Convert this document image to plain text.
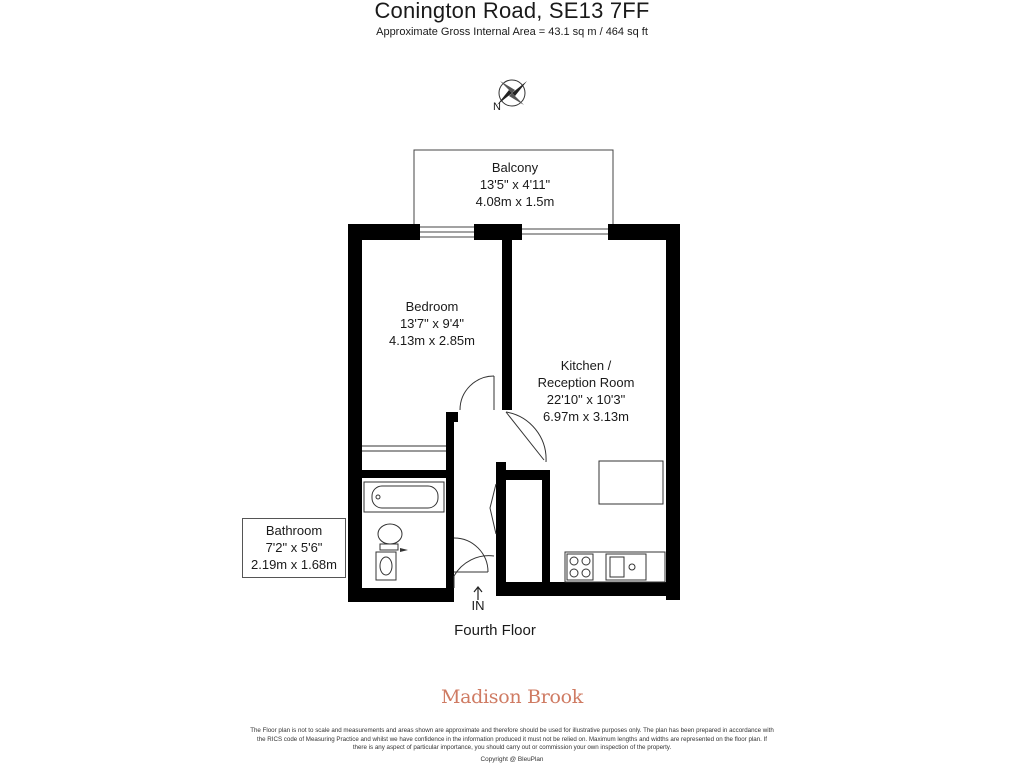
Conington Road, SE13 7FF
Approximate Gross Internal Area = 43.1 sq m / 464 sq ft
N
Balcony
13'5" x 4'11"
4.08m x 1.5m
Bedroom
13'7" x 9'4"
4.13m x 2.85m
Kitchen /
Reception Room
22'10" x 10'3"
6.97m x 3.13m
Bathroom
7'2" x 5'6"
2.19m x 1.68m
IN
Fourth Floor
Madison Brook
The Floor plan is not to scale and measurements and areas shown are approximate and therefore should be used for illustrative purposes only. The plan has been prepared in accordance with
the RICS code of Measuring Practice and whilst we have confidence in the information produced it must not be relied on. Maximum lengths and widths are represented on the floor plan. If
there is any aspect of particular importance, you should carry out or commission your own inspection of the property.
Copyright @ BleuPlan
